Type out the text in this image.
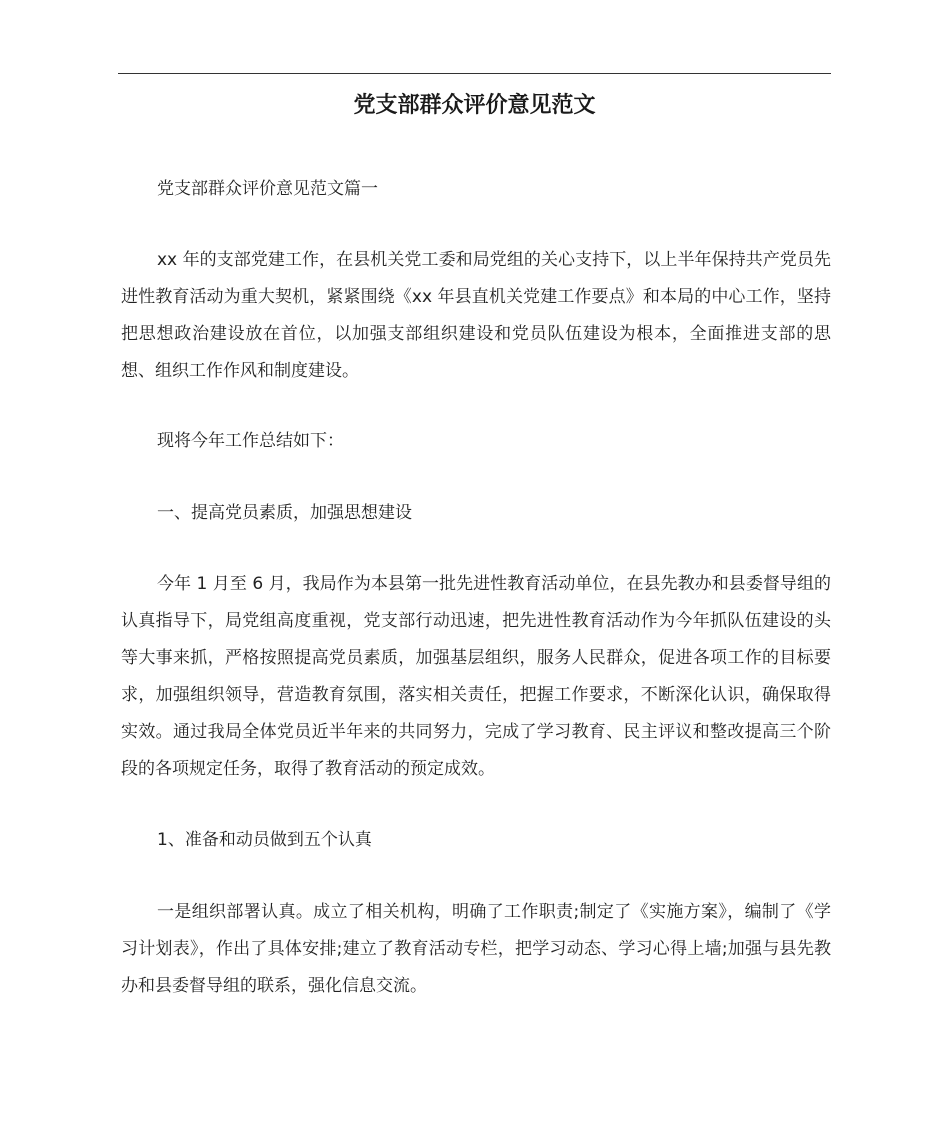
党支部群众评价意见范文

党支部群众评价意见范文篇一

xx 年的支部党建工作，在县机关党工委和局党组的关心支持下，以上半年保持共产党员先进性教育活动为重大契机，紧紧围绕《xx 年县直机关党建工作要点》和本局的中心工作，坚持把思想政治建设放在首位，以加强支部组织建设和党员队伍建设为根本，全面推进支部的思想、组织工作作风和制度建设。

现将今年工作总结如下：

一、提高党员素质，加强思想建设

今年 1 月至 6 月，我局作为本县第一批先进性教育活动单位，在县先教办和县委督导组的认真指导下，局党组高度重视，党支部行动迅速，把先进性教育活动作为今年抓队伍建设的头等大事来抓，严格按照提高党员素质，加强基层组织，服务人民群众，促进各项工作的目标要求，加强组织领导，营造教育氛围，落实相关责任，把握工作要求，不断深化认识，确保取得实效。通过我局全体党员近半年来的共同努力，完成了学习教育、民主评议和整改提高三个阶段的各项规定任务，取得了教育活动的预定成效。

1、准备和动员做到五个认真

一是组织部署认真。成立了相关机构，明确了工作职责;制定了《实施方案》，编制了《学习计划表》，作出了具体安排;建立了教育活动专栏，把学习动态、学习心得上墙;加强与县先教办和县委督导组的联系，强化信息交流。
